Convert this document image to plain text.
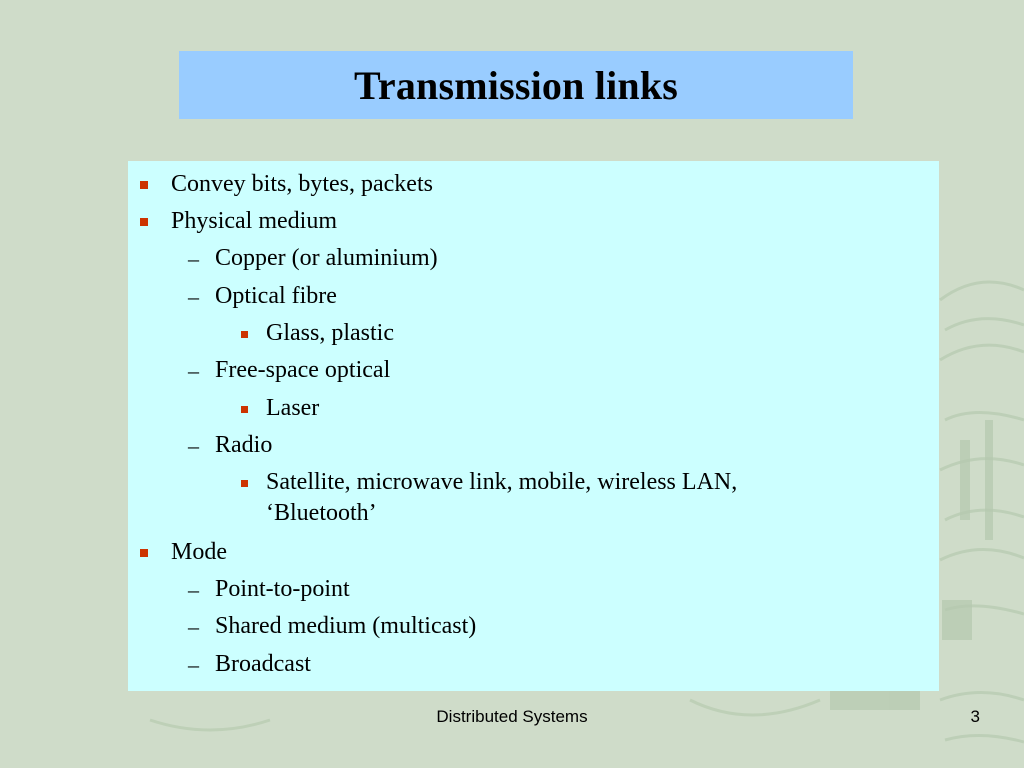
Transmission links
Convey bits, bytes, packets
Physical medium
– Copper (or aluminium)
– Optical fibre
Glass, plastic
– Free-space optical
Laser
– Radio
Satellite, microwave link, mobile, wireless LAN, ‘Bluetooth’
Mode
– Point-to-point
– Shared medium (multicast)
– Broadcast
Distributed Systems	3
